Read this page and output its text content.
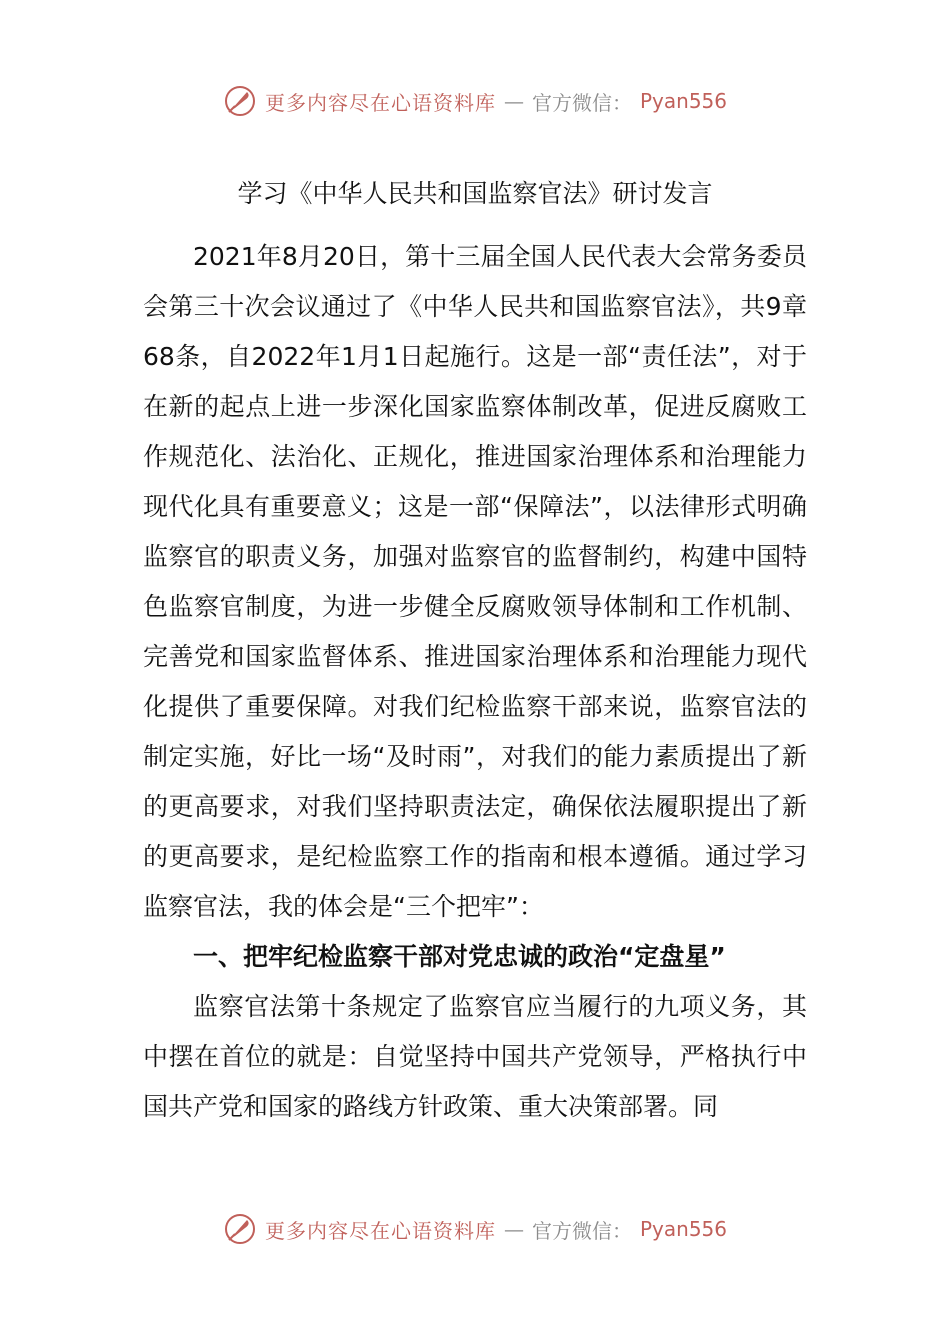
更多内容尽在心语资料库 — 官方微信： Pyan556
学习《中华人民共和国监察官法》研讨发言

2021年8月20日，第十三届全国人民代表大会常务委员会第三十次会议通过了《中华人民共和国监察官法》，共9章68条，自2022年1月1日起施行。这是一部“责任法”，对于在新的起点上进一步深化国家监察体制改革，促进反腐败工作规范化、法治化、正规化，推进国家治理体系和治理能力现代化具有重要意义；这是一部“保障法”，以法律形式明确监察官的职责义务，加强对监察官的监督制约，构建中国特色监察官制度，为进一步健全反腐败领导体制和工作机制、完善党和国家监督体系、推进国家治理体系和治理能力现代化提供了重要保障。对我们纪检监察干部来说，监察官法的制定实施，好比一场“及时雨”，对我们的能力素质提出了新的更高要求，对我们坚持职责法定，确保依法履职提出了新的更高要求，是纪检监察工作的指南和根本遵循。通过学习监察官法，我的体会是“三个把牢”：

一、把牢纪检监察干部对党忠诚的政治“定盘星”

监察官法第十条规定了监察官应当履行的九项义务，其中摆在首位的就是：自觉坚持中国共产党领导，严格执行中国共产党和国家的路线方针政策、重大决策部署。同

更多内容尽在心语资料库 — 官方微信： Pyan556
